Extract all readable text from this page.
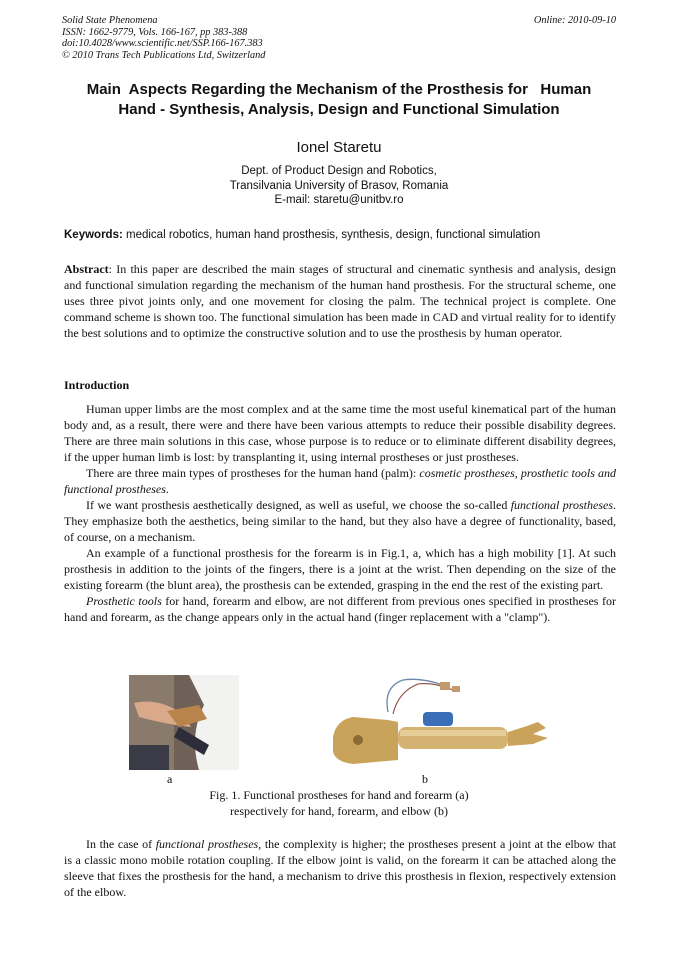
Solid State Phenomena
ISSN: 1662-9779, Vols. 166-167, pp 383-388
doi:10.4028/www.scientific.net/SSP.166-167.383
© 2010 Trans Tech Publications Ltd, Switzerland
Online: 2010-09-10
Main  Aspects Regarding the Mechanism of the Prosthesis for   Human
Hand - Synthesis, Analysis, Design and Functional Simulation
Ionel Staretu
Dept. of Product Design and Robotics,
Transilvania University of Brasov, Romania
E-mail: staretu@unitbv.ro
Keywords: medical robotics, human hand prosthesis, synthesis, design, functional simulation
Abstract: In this paper are described the main stages of structural and cinematic synthesis and analysis, design and functional simulation regarding the mechanism of the human hand prosthesis. For the structural scheme, one uses three pivot joints only, and one movement for closing the palm. The technical project is complete. One command scheme is shown too. The functional simulation has been made in CAD and virtual reality for to identify the best solutions and to optimize the constructive solution and to use the prosthesis by human operator.
Introduction

Human upper limbs are the most complex and at the same time the most useful kinematical part of the human body and, as a result, there were and there have been various attempts to reduce their possible disability degrees. There are three main solutions in this case, whose purpose is to reduce or to eliminate different disability degrees, if the upper human limb is lost: by transplanting it, using internal prostheses or just prostheses.

There are three main types of prostheses for the human hand (palm): cosmetic prostheses, prosthetic tools and functional prostheses.

If we want prosthesis aesthetically designed, as well as useful, we choose the so-called functional prostheses. They emphasize both the aesthetics, being similar to the hand, but they also have a degree of functionality, based, of course, on a mechanism.

An example of a functional prosthesis for the forearm is in Fig.1, a, which has a high mobility [1]. At such prosthesis in addition to the joints of the fingers, there is a joint at the wrist. Then depending on the size of the existing forearm (the blunt area), the prosthesis can be extended, grasping in the end the rest of the existing part.

Prosthetic tools for hand, forearm and elbow, are not different from previous ones specified in prostheses for hand and forearm, as the change appears only in the actual hand (finger replacement with a "clamp").

a	b
Fig. 1. Functional prostheses for hand and forearm (a)
respectively for hand, forearm, and elbow (b)

In the case of functional prostheses, the complexity is higher; the prostheses present a joint at the elbow that is a classic mono mobile rotation coupling. If the elbow joint is valid, on the forearm it can be attached along the sleeve that fixes the prosthesis for the hand, a mechanism to drive this prosthesis in flexion, respectively extension of the elbow.
